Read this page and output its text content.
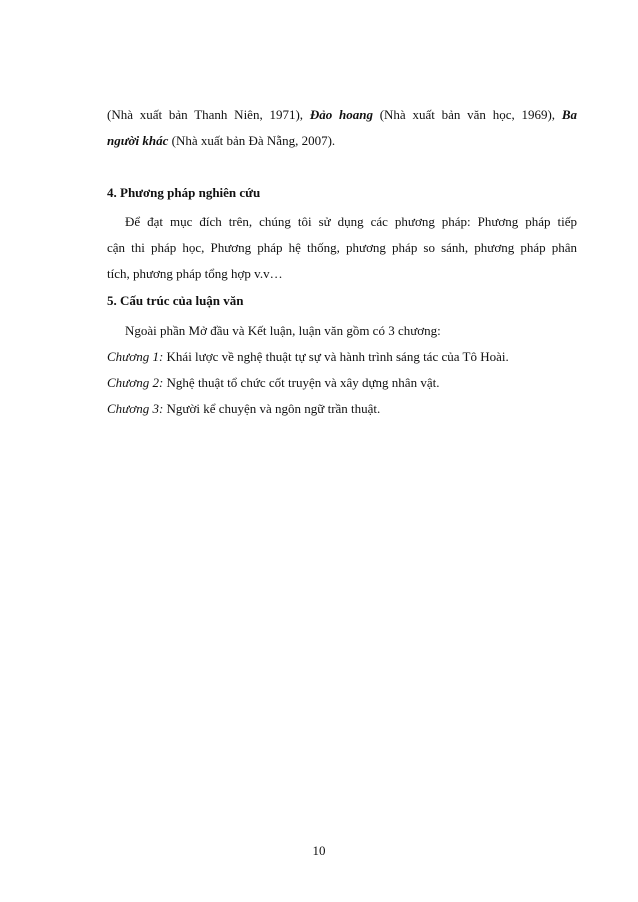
(Nhà xuất bản Thanh Niên, 1971), Đảo hoang (Nhà xuất bản văn học, 1969), Ba
người khác (Nhà xuất bản Đà Nẵng, 2007).
4. Phương pháp nghiên cứu
Để đạt mục đích trên, chúng tôi sử dụng các phương pháp: Phương pháp tiếp
cận thi pháp học, Phương pháp hệ thống, phương pháp so sánh, phương pháp phân
tích, phương pháp tổng hợp v.v…
5. Cấu trúc của luận văn
Ngoài phần Mở đầu và Kết luận, luận văn gồm có 3 chương:
Chương 1: Khái lược về nghệ thuật tự sự và hành trình sáng tác của Tô Hoài.
Chương 2: Nghệ thuật tổ chức cốt truyện và xây dựng nhân vật.
Chương 3: Người kể chuyện và ngôn ngữ trần thuật.
10
